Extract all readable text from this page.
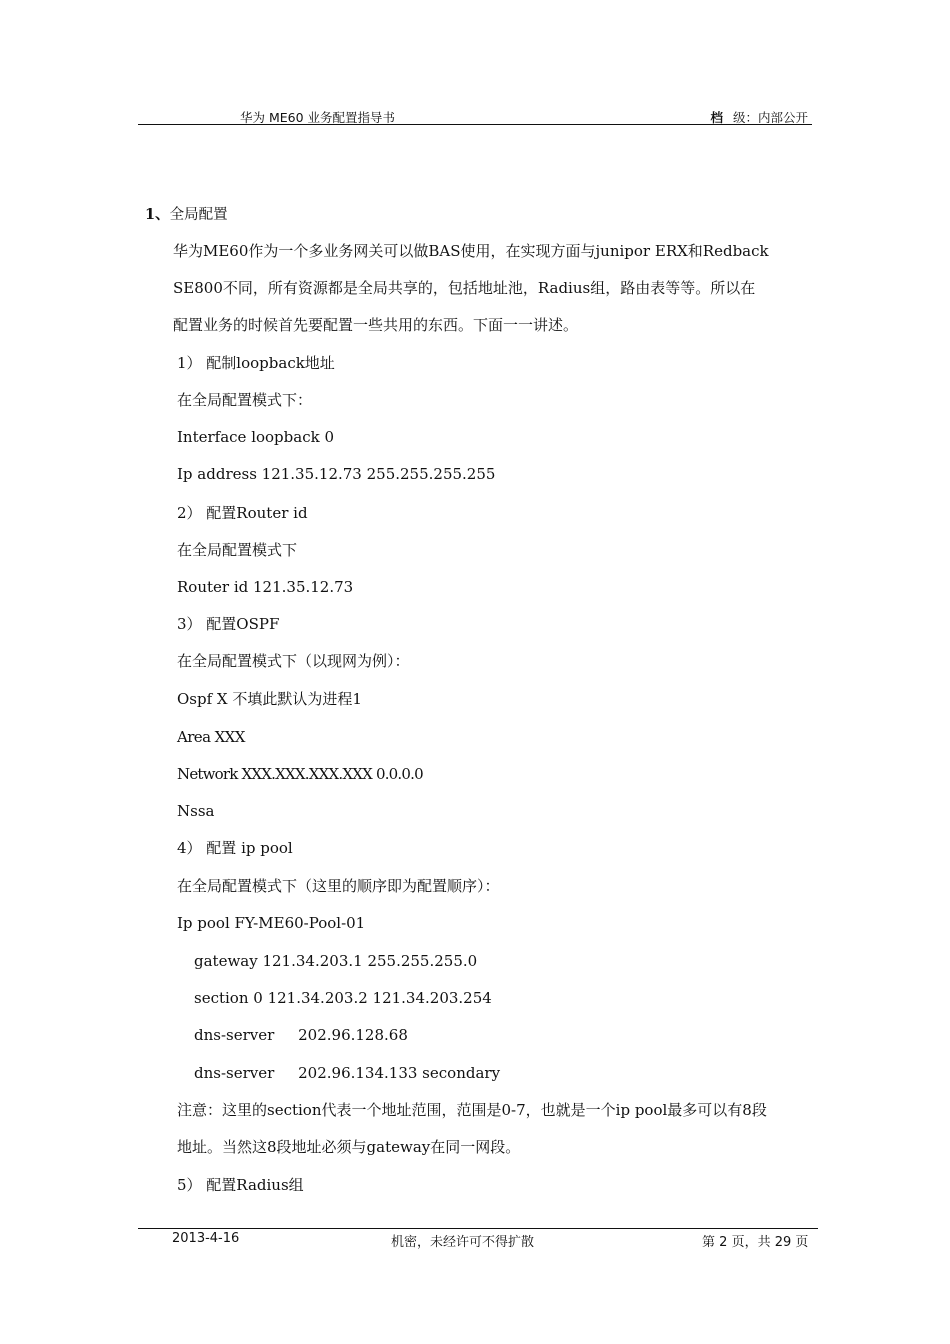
华为 ME60 业务配置指导书	档 级：内部公开
1、全局配置
华为ME60作为一个多业务网关可以做BAS使用，在实现方面与junipor ERX和Redback
SE800不同，所有资源都是全局共享的，包括地址池，Radius组，路由表等等。所以在
配置业务的时候首先要配置一些共用的东西。下面一一讲述。
1） 配制loopback地址
在全局配置模式下：
Interface loopback 0
Ip address 121.35.12.73 255.255.255.255
2） 配置Router id
在全局配置模式下
Router id 121.35.12.73
3） 配置OSPF
在全局配置模式下（以现网为例）：
Ospf X 不填此默认为进程1
Area XXX
Network XXX.XXX.XXX.XXX 0.0.0.0
Nssa
4） 配置 ip pool
在全局配置模式下（这里的顺序即为配置顺序）：
Ip pool FY-ME60-Pool-01
gateway 121.34.203.1 255.255.255.0
section 0 121.34.203.2 121.34.203.254
dns-server     202.96.128.68
dns-server     202.96.134.133 secondary
注意：这里的section代表一个地址范围，范围是0-7，也就是一个ip pool最多可以有8段
地址。当然这8段地址必须与gateway在同一网段。
5） 配置Radius组
2013-4-16	机密，未经许可不得扩散	第 2 页，共 29 页
